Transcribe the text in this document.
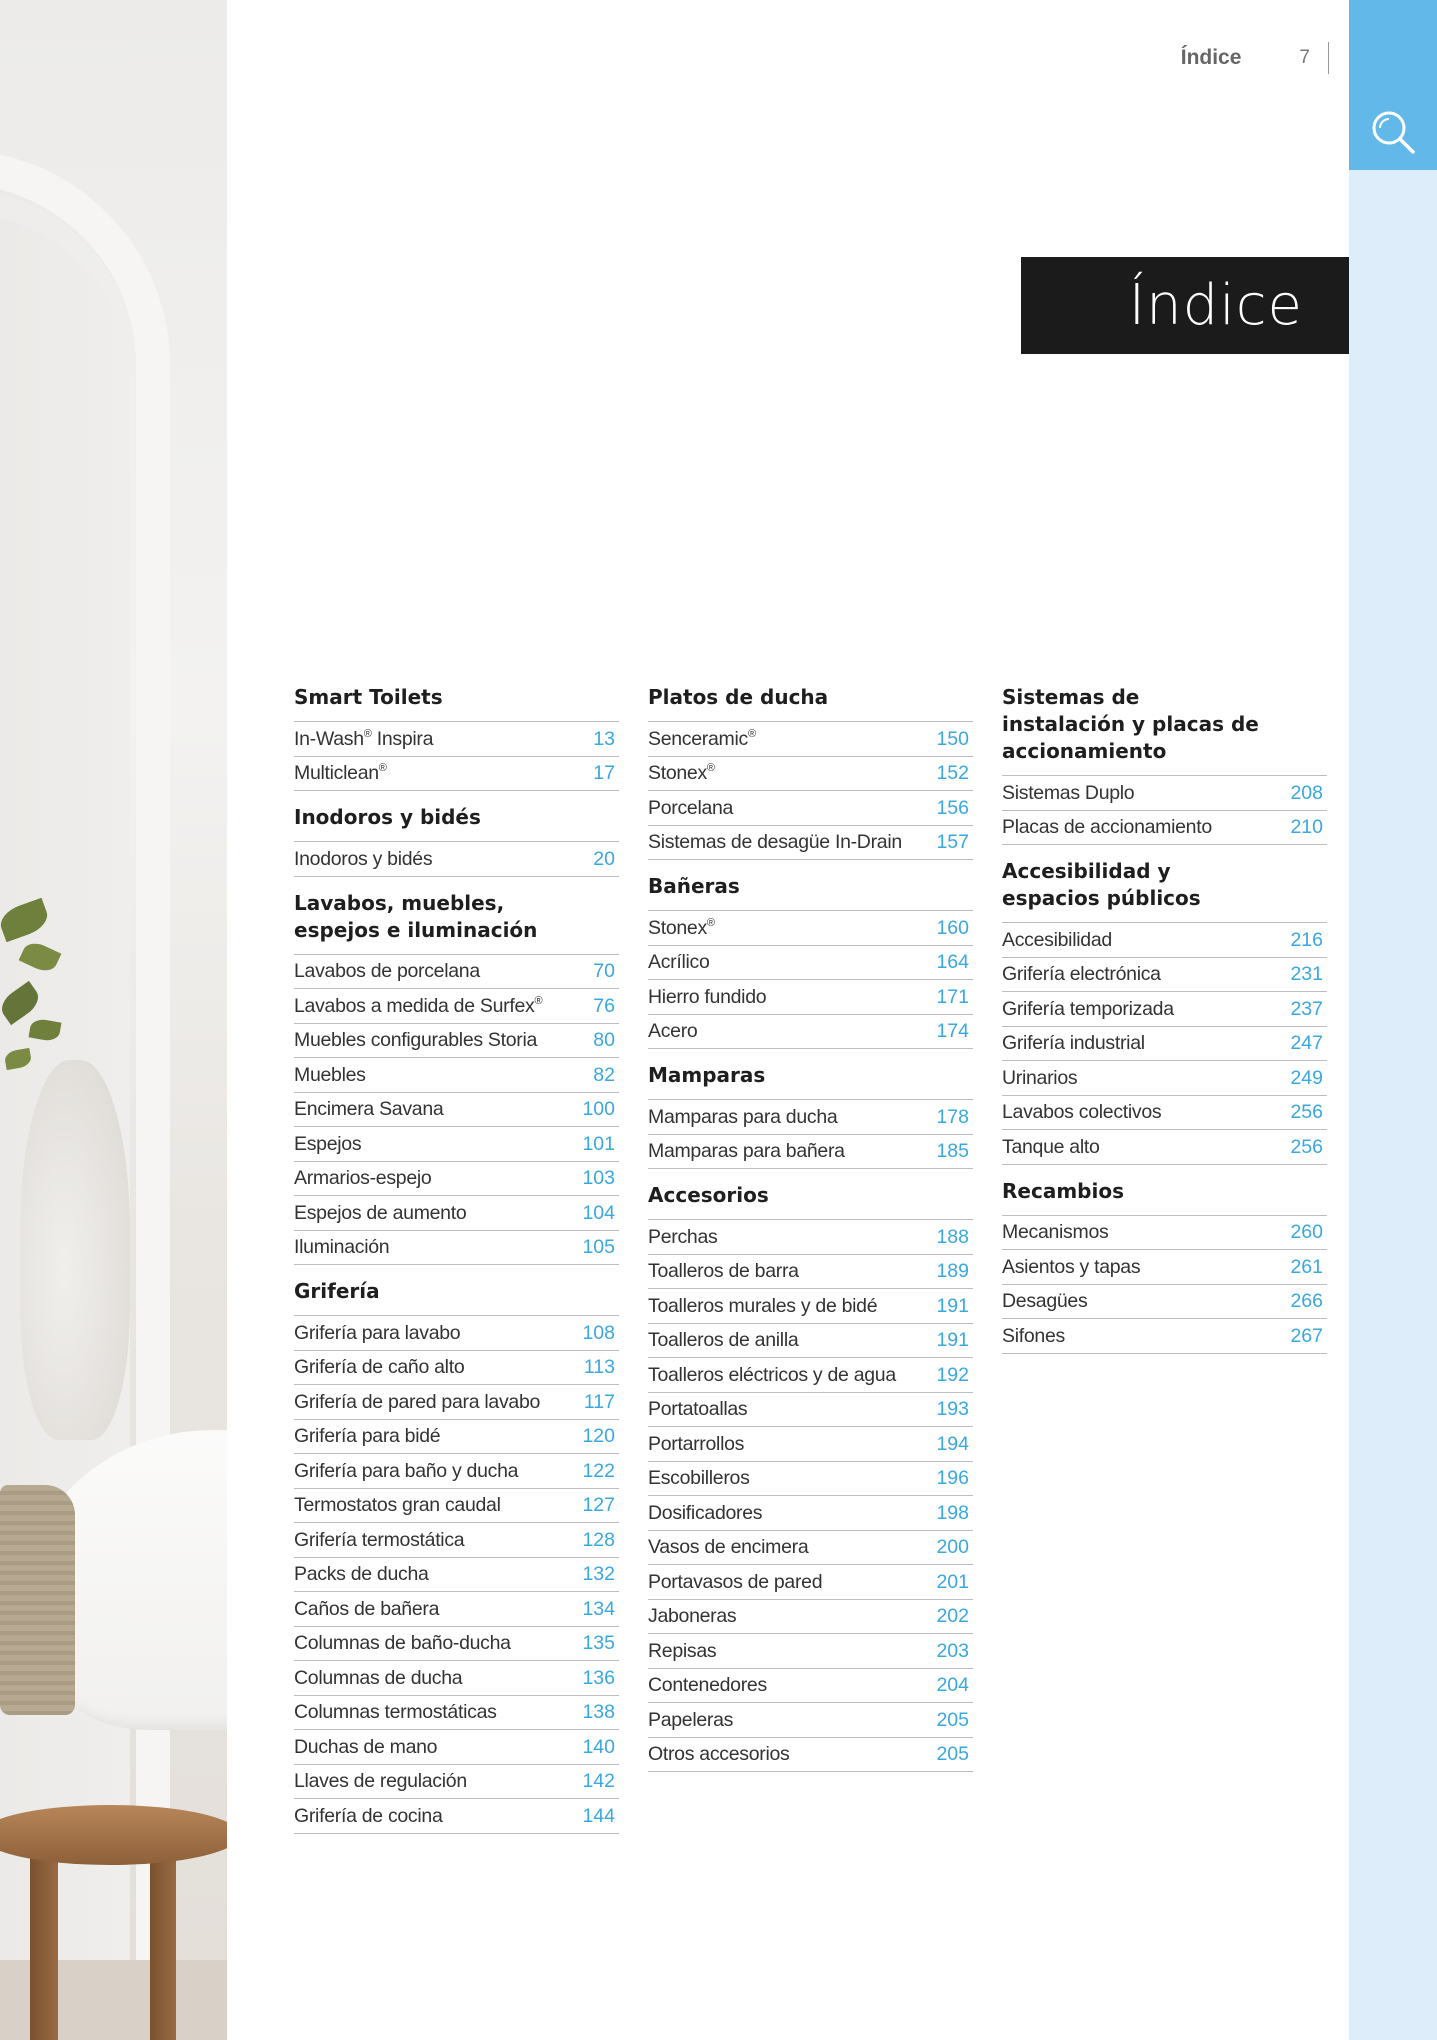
Índice	7
Índice
Smart Toilets
In-Wash® Inspira	13
Multiclean®	17
Inodoros y bidés
Inodoros y bidés	20
Lavabos, muebles,
espejos e iluminación
Lavabos de porcelana	70
Lavabos a medida de Surfex®	76
Muebles configurables Storia	80
Muebles	82
Encimera Savana	100
Espejos	101
Armarios-espejo	103
Espejos de aumento	104
Iluminación	105
Grifería
Grifería para lavabo	108
Grifería de caño alto	113
Grifería de pared para lavabo 117
Grifería para bidé	120
Grifería para baño y ducha	122
Termostatos gran caudal	127
Grifería termostática	128
Packs de ducha	132
Caños de bañera	134
Columnas de baño-ducha	135
Columnas de ducha	136
Columnas termostáticas	138
Duchas de mano	140
Llaves de regulación	142
Grifería de cocina	144
Platos de ducha
Senceramic®	150
Stonex®	152
Porcelana	156
Sistemas de desagüe In-Drain 157
Bañeras
Stonex®	160
Acrílico	164
Hierro fundido	171
Acero	174
Mamparas
Mamparas para ducha	178
Mamparas para bañera	185
Accesorios
Perchas	188
Toalleros de barra	189
Toalleros murales y de bidé	191
Toalleros de anilla	191
Toalleros eléctricos y de agua 192
Portatoallas	193
Portarrollos	194
Escobilleros	196
Dosificadores	198
Vasos de encimera	200
Portavasos de pared	201
Jaboneras	202
Repisas	203
Contenedores	204
Papeleras	205
Otros accesorios	205
Sistemas de
instalación y placas de
accionamiento
Sistemas Duplo	208
Placas de accionamiento	210
Accesibilidad y
espacios públicos
Accesibilidad	216
Grifería electrónica	231
Grifería temporizada	237
Grifería industrial	247
Urinarios	249
Lavabos colectivos	256
Tanque alto	256
Recambios
Mecanismos	260
Asientos y tapas	261
Desagües	266
Sifones	267
